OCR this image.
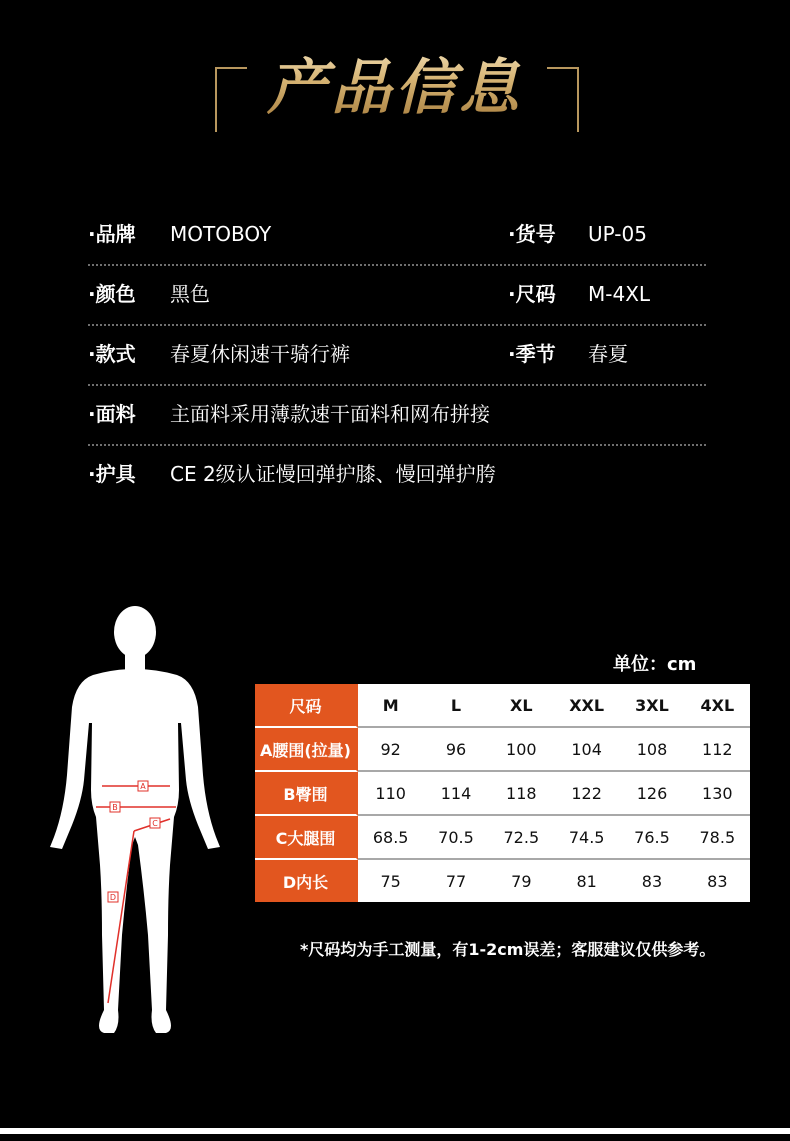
产品信息
·品牌 MOTOBOY	·货号 UP-05
·颜色 黑色	·尺码 M-4XL
·款式 春夏休闲速干骑行裤	·季节 春夏
·面料 主面料采用薄款速干面料和网布拼接
·护具 CE 2级认证慢回弹护膝、慢回弹护胯
A
B
C
D
单位：cm
尺码	M	L	XL	XXL	3XL	4XL
A腰围(拉量)	92	96	100	104	108	112
B臀围	110	114	118	122	126	130
C大腿围	68.5	70.5	72.5	74.5	76.5	78.5
D内长	75	77	79	81	83	83
*尺码均为手工测量，有1-2cm误差；客服建议仅供参考。
